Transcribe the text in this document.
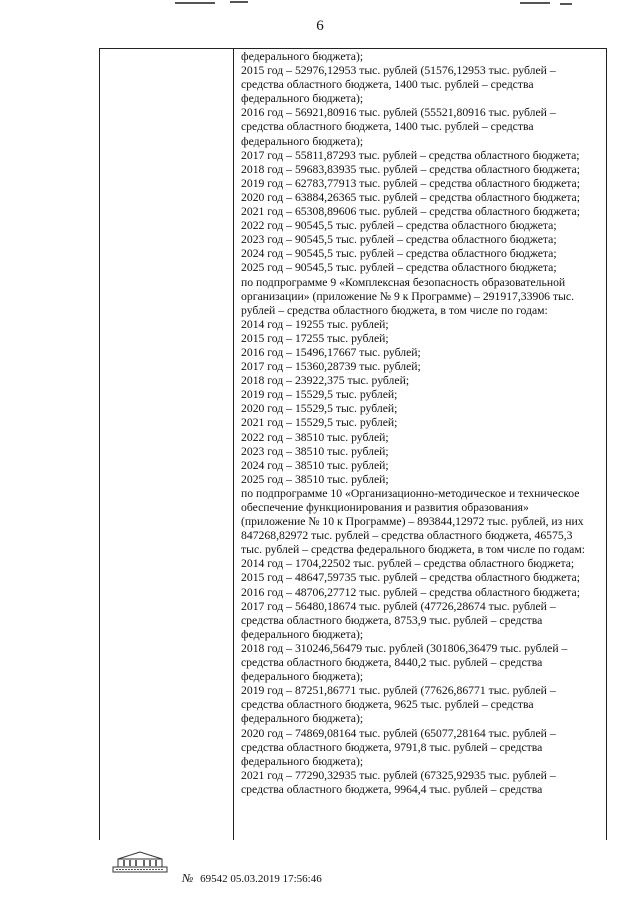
6
федерального бюджета);
2015 год – 52976,12953 тыс. рублей (51576,12953 тыс. рублей –
средства областного бюджета, 1400 тыс. рублей – средства
федерального бюджета);
2016 год – 56921,80916 тыс. рублей (55521,80916 тыс. рублей –
средства областного бюджета, 1400 тыс. рублей – средства
федерального бюджета);
2017 год – 55811,87293 тыс. рублей – средства областного бюджета;
2018 год – 59683,83935 тыс. рублей – средства областного бюджета;
2019 год – 62783,77913 тыс. рублей – средства областного бюджета;
2020 год – 63884,26365 тыс. рублей – средства областного бюджета;
2021 год – 65308,89606 тыс. рублей – средства областного бюджета;
2022 год – 90545,5 тыс. рублей – средства областного бюджета;
2023 год – 90545,5 тыс. рублей – средства областного бюджета;
2024 год – 90545,5 тыс. рублей – средства областного бюджета;
2025 год – 90545,5 тыс. рублей – средства областного бюджета;
по подпрограмме 9 «Комплексная безопасность образовательной
организации» (приложение № 9 к Программе) – 291917,33906 тыс.
рублей – средства областного бюджета, в том числе по годам:
2014 год – 19255 тыс. рублей;
2015 год – 17255 тыс. рублей;
2016 год – 15496,17667 тыс. рублей;
2017 год – 15360,28739 тыс. рублей;
2018 год – 23922,375 тыс. рублей;
2019 год – 15529,5 тыс. рублей;
2020 год – 15529,5 тыс. рублей;
2021 год – 15529,5 тыс. рублей;
2022 год – 38510 тыс. рублей;
2023 год – 38510 тыс. рублей;
2024 год – 38510 тыс. рублей;
2025 год – 38510 тыс. рублей;
по подпрограмме 10 «Организационно-методическое и техническое
обеспечение функционирования и развития образования»
(приложение № 10 к Программе) – 893844,12972 тыс. рублей, из них
847268,82972 тыс. рублей – средства областного бюджета, 46575,3
тыс. рублей – средства федерального бюджета, в том числе по годам:
2014 год – 1704,22502 тыс. рублей – средства областного бюджета;
2015 год – 48647,59735 тыс. рублей – средства областного бюджета;
2016 год – 48706,27712 тыс. рублей – средства областного бюджета;
2017 год – 56480,18674 тыс. рублей (47726,28674 тыс. рублей –
средства областного бюджета, 8753,9 тыс. рублей – средства
федерального бюджета);
2018 год – 310246,56479 тыс. рублей (301806,36479 тыс. рублей –
средства областного бюджета, 8440,2 тыс. рублей – средства
федерального бюджета);
2019 год – 87251,86771 тыс. рублей (77626,86771 тыс. рублей –
средства областного бюджета, 9625 тыс. рублей – средства
федерального бюджета);
2020 год – 74869,08164 тыс. рублей (65077,28164 тыс. рублей –
средства областного бюджета, 9791,8 тыс. рублей – средства
федерального бюджета);
2021 год – 77290,32935 тыс. рублей (67325,92935 тыс. рублей –
средства областного бюджета, 9964,4 тыс. рублей – средства
№ 69542 05.03.2019 17:56:46
